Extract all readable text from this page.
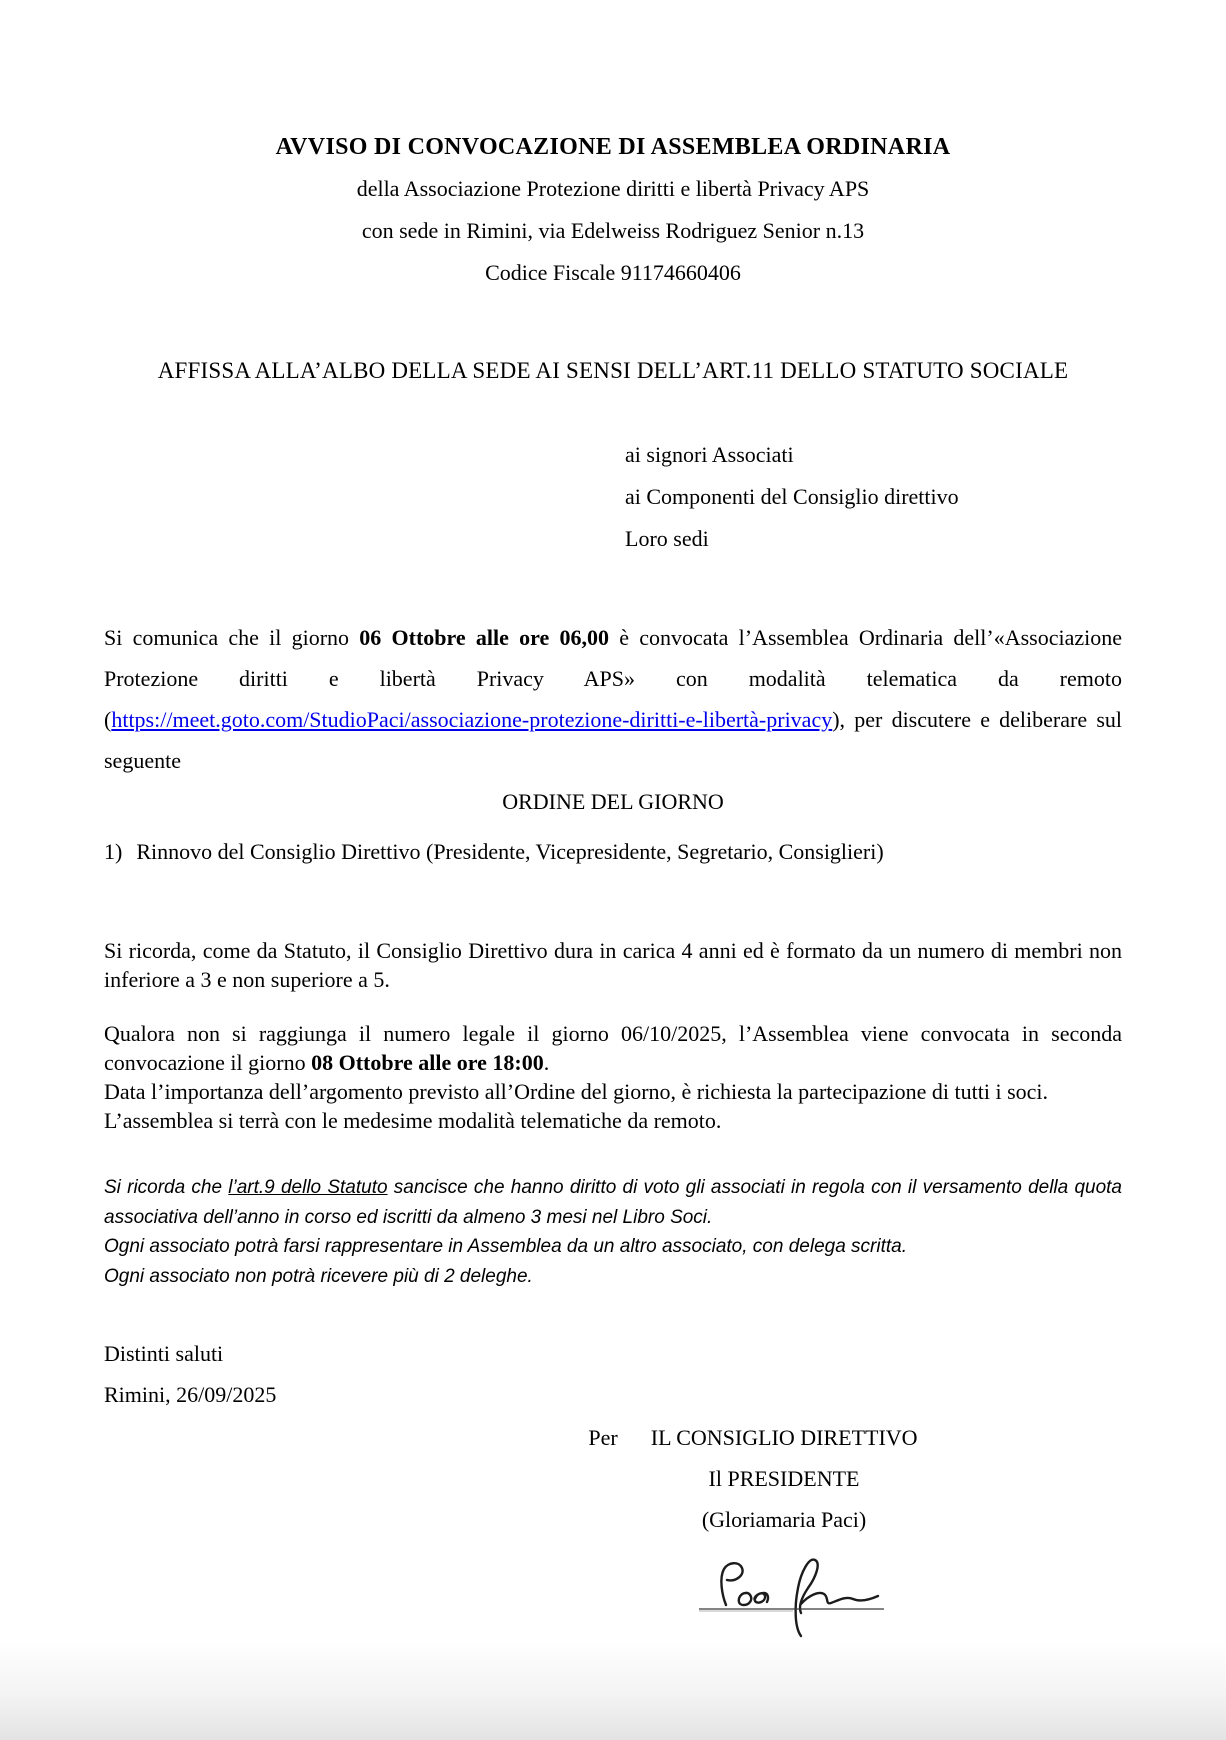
AVVISO DI CONVOCAZIONE DI ASSEMBLEA ORDINARIA
della Associazione Protezione diritti e libertà Privacy APS
con sede in Rimini, via Edelweiss Rodriguez Senior n.13
Codice Fiscale 91174660406
AFFISSA ALLA’ALBO DELLA SEDE AI SENSI DELL’ART.11 DELLO STATUTO SOCIALE
ai signori Associati
ai Componenti del Consiglio direttivo
Loro sedi

Si comunica che il giorno 06 Ottobre alle ore 06,00 è convocata l’Assemblea Ordinaria dell’«Associazione Protezione diritti e libertà Privacy APS» con modalità telematica da remoto (https://meet.goto.com/StudioPaci/associazione-protezione-diritti-e-libertà-privacy), per discutere e deliberare sul seguente

ORDINE DEL GIORNO
1) Rinnovo del Consiglio Direttivo (Presidente, Vicepresidente, Segretario, Consiglieri)

Si ricorda, come da Statuto, il Consiglio Direttivo dura in carica 4 anni ed è formato da un numero di membri non inferiore a 3 e non superiore a 5.

Qualora non si raggiunga il numero legale il giorno 06/10/2025, l’Assemblea viene convocata in seconda convocazione il giorno 08 Ottobre alle ore 18:00.

Data l’importanza dell’argomento previsto all’Ordine del giorno, è richiesta la partecipazione di tutti i soci.

L’assemblea si terrà con le medesime modalità telematiche da remoto.

Si ricorda che l’art.9 dello Statuto sancisce che hanno diritto di voto gli associati in regola con il versamento della quota associativa dell’anno in corso ed iscritti da almeno 3 mesi nel Libro Soci.

Ogni associato potrà farsi rappresentare in Assemblea da un altro associato, con delega scritta.

Ogni associato non potrà ricevere più di 2 deleghe.

Distinti saluti
Rimini, 26/09/2025
Per IL CONSIGLIO DIRETTIVO
Il PRESIDENTE
(Gloriamaria Paci)
